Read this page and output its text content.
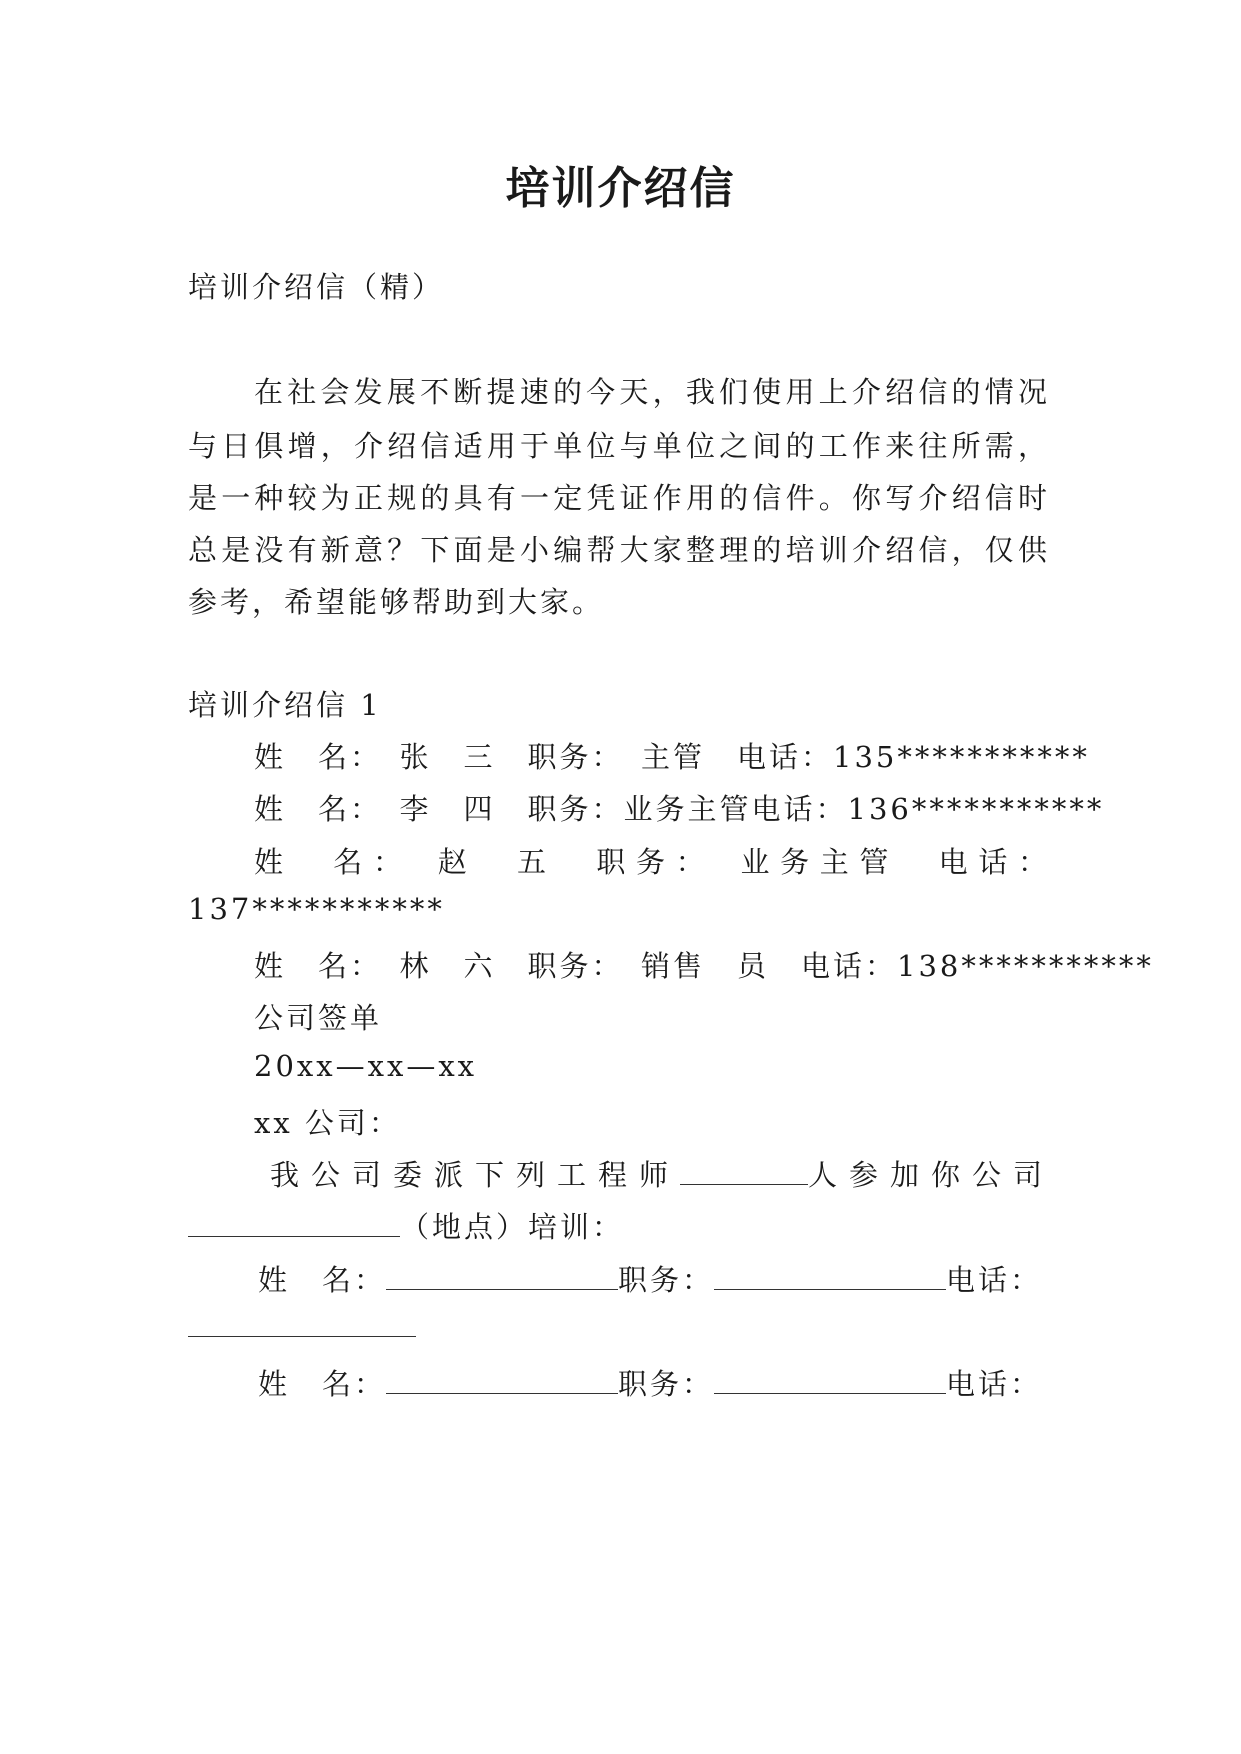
培训介绍信
培训介绍信（精）
在社会发展不断提速的今天，我们使用上介绍信的情况
与日俱增，介绍信适用于单位与单位之间的工作来往所需，
是一种较为正规的具有一定凭证作用的信件。你写介绍信时
总是没有新意？下面是小编帮大家整理的培训介绍信，仅供
参考，希望能够帮助到大家。
培训介绍信 1
姓　名：　张　三　职务：　主管　电话：135***********
姓　名：　李　四　职务：业务主管电话：136***********
姓　名：　赵　五　职务：　业务主管　电话：
137***********
姓　名：　林　六　职务：　销售　员　电话：138***********
公司签单
20xx—xx—xx
xx 公司：
我公司委派下列工程师	人参加你公司
（地点）培训：
姓　名：	职务：	电话：
姓　名：	职务：	电话：
